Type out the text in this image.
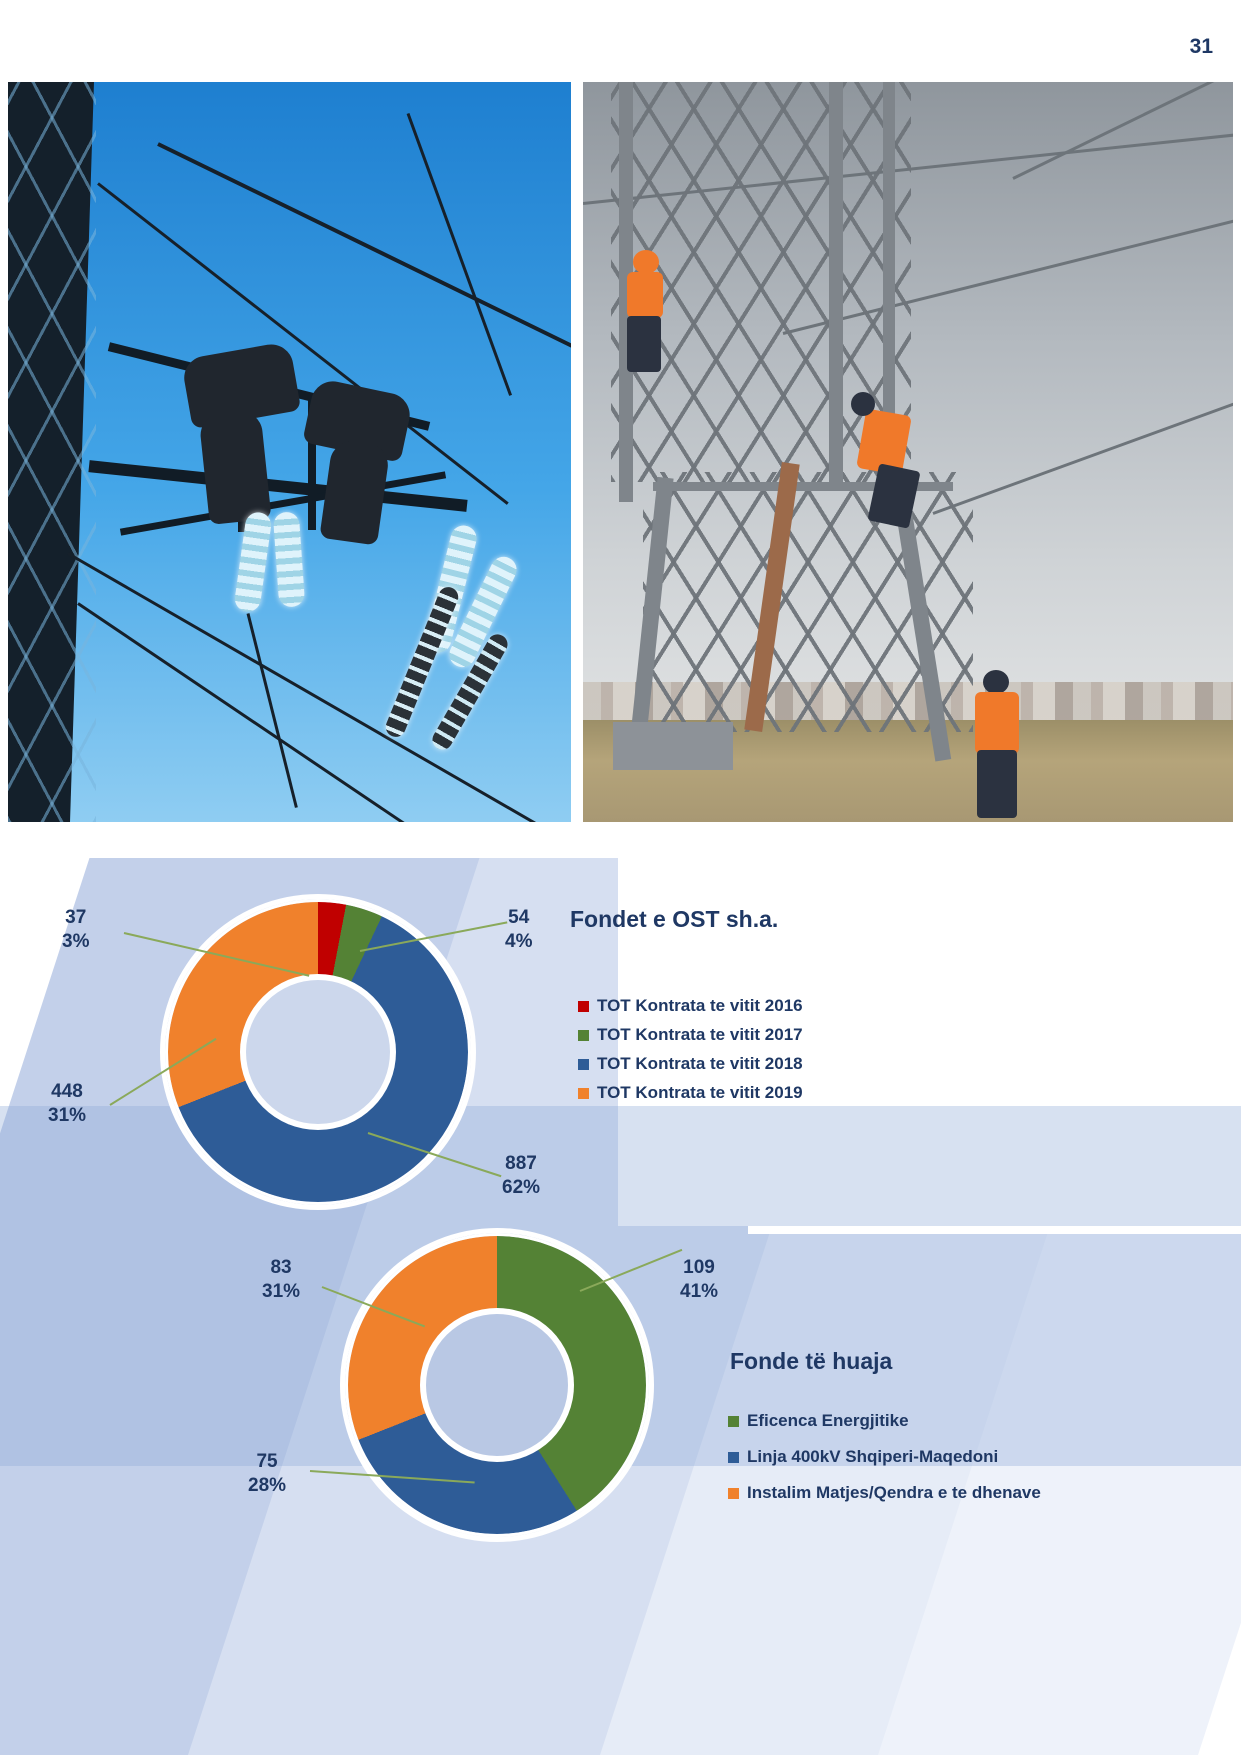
31
37
3%
54
4%
448
31%
887
62%
Fondet e OST sh.a.
TOT Kontrata te vitit 2016
TOT Kontrata te vitit 2017
TOT Kontrata te vitit 2018
TOT Kontrata te vitit 2019
83
31%
109
41%
75
28%
Fonde të huaja
Eficenca Energjitike
Linja 400kV Shqiperi-Maqedoni
Instalim Matjes/Qendra e te dhenave
